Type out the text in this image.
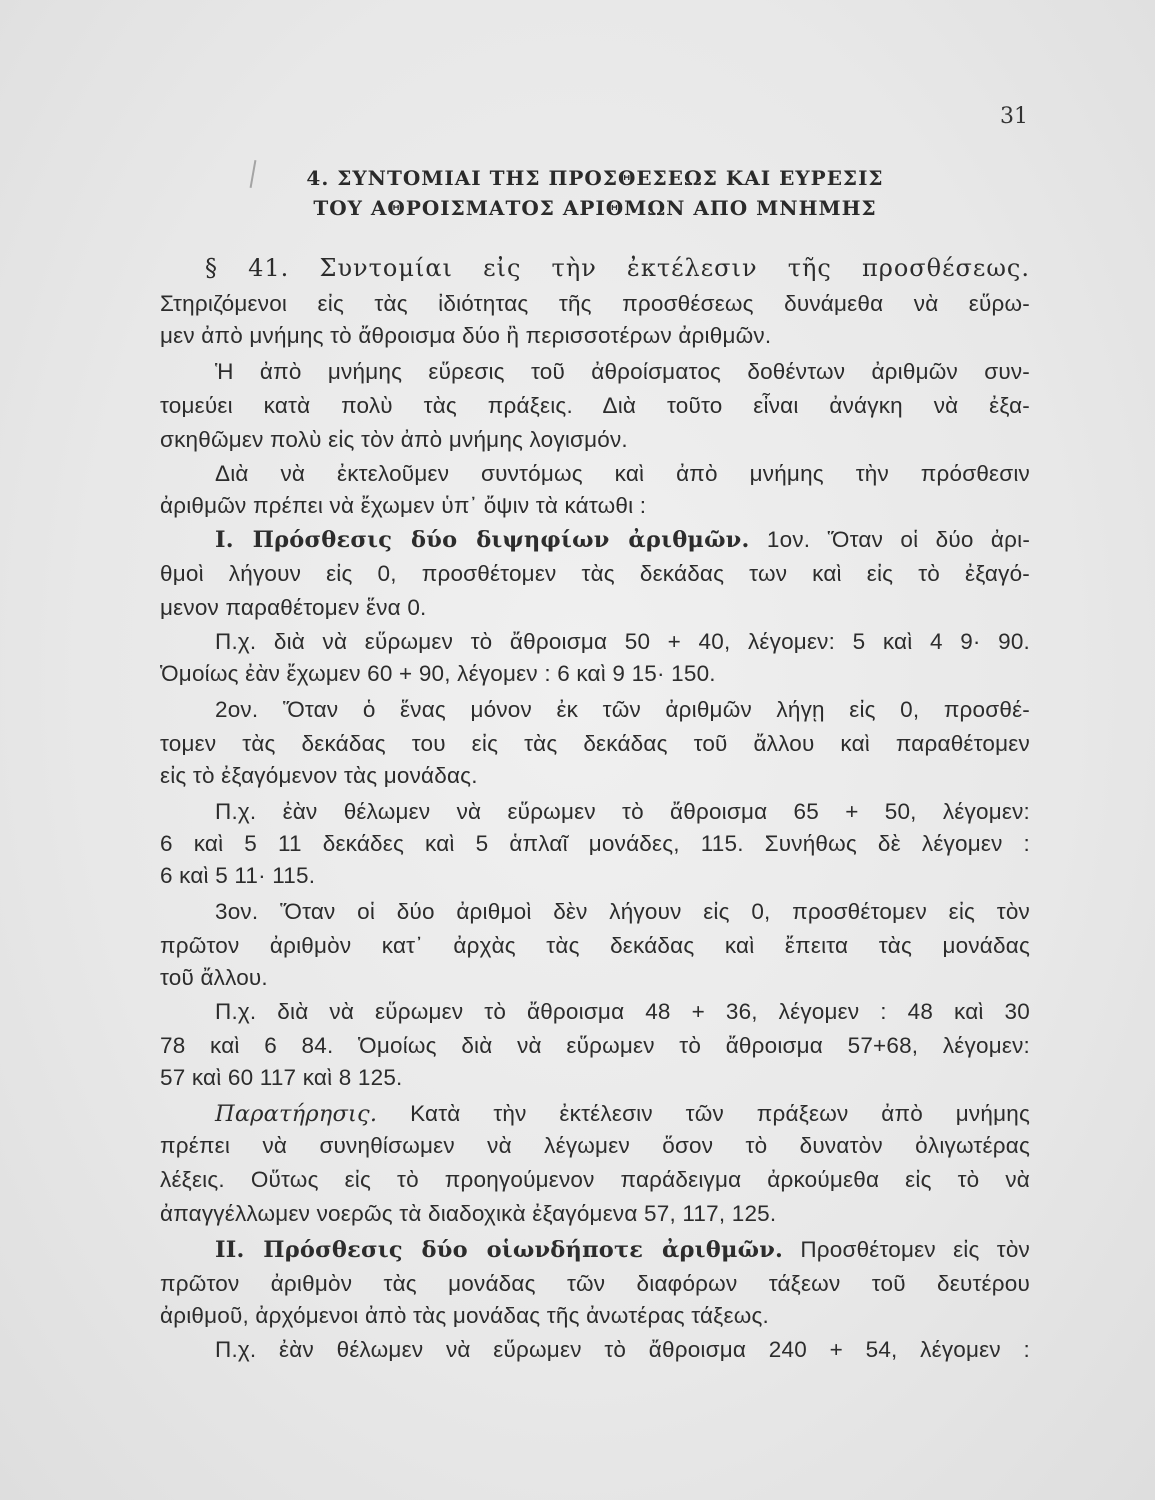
31
4. ΣΥΝΤΟΜΙΑΙ ΤΗΣ ΠΡΟΣΘΕΣΕΩΣ ΚΑΙ ΕΥΡΕΣΙΣ
ΤΟΥ ΑΘΡΟΙΣΜΑΤΟΣ ΑΡΙΘΜΩΝ ΑΠΟ ΜΝΗΜΗΣ
§ 41. Συντομίαι εἰς τὴν ἐκτέλεσιν τῆς προσθέσεως.
Στηριζόμενοι εἰς τὰς ἰδιότητας τῆς προσθέσεως δυνάμεθα νὰ εὕρω-
μεν ἀπὸ μνήμης τὸ ἄθροισμα δύο ἢ περισσοτέρων ἀριθμῶν.
Ἡ ἀπὸ μνήμης εὕρεσις τοῦ ἀθροίσματος δοθέντων ἀριθμῶν συν-
τομεύει κατὰ πολὺ τὰς πράξεις. Διὰ τοῦτο εἶναι ἀνάγκη νὰ ἐξα-
σκηθῶμεν πολὺ εἰς τὸν ἀπὸ μνήμης λογισμόν.
Διὰ νὰ ἐκτελοῦμεν συντόμως καὶ ἀπὸ μνήμης τὴν πρόσθεσιν
ἀριθμῶν πρέπει νὰ ἔχωμεν ὑπ᾽ ὄψιν τὰ κάτωθι :
I. Πρόσθεσις δύο διψηφίων ἀριθμῶν. 1ον. Ὅταν οἱ δύο ἀρι-
θμοὶ λήγουν εἰς 0, προσθέτομεν τὰς δεκάδας των καὶ εἰς τὸ ἐξαγό-
μενον παραθέτομεν ἕνα 0.
Π.χ. διὰ νὰ εὕρωμεν τὸ ἄθροισμα 50 + 40, λέγομεν: 5 καὶ 4 9· 90.
Ὁμοίως ἐὰν ἔχωμεν 60 + 90, λέγομεν : 6 καὶ 9 15· 150.
2ον. Ὅταν ὁ ἕνας μόνον ἐκ τῶν ἀριθμῶν λήγῃ εἰς 0, προσθέ-
τομεν τὰς δεκάδας του εἰς τὰς δεκάδας τοῦ ἄλλου καὶ παραθέτομεν
εἰς τὸ ἐξαγόμενον τὰς μονάδας.
Π.χ. ἐὰν θέλωμεν νὰ εὕρωμεν τὸ ἄθροισμα 65 + 50, λέγομεν:
6 καὶ 5 11 δεκάδες καὶ 5 ἁπλαῖ μονάδες, 115. Συνήθως δὲ λέγομεν :
6 καὶ 5 11· 115.
3ον. Ὅταν οἱ δύο ἀριθμοὶ δὲν λήγουν εἰς 0, προσθέτομεν εἰς τὸν
πρῶτον ἀριθμὸν κατ᾽ ἀρχὰς τὰς δεκάδας καὶ ἔπειτα τὰς μονάδας
τοῦ ἄλλου.
Π.χ. διὰ νὰ εὕρωμεν τὸ ἄθροισμα 48 + 36, λέγομεν : 48 καὶ 30
78 καὶ 6 84. Ὁμοίως διὰ νὰ εὕρωμεν τὸ ἄθροισμα 57+68, λέγομεν:
57 καὶ 60 117 καὶ 8 125.
Παρατήρησις. Κατὰ τὴν ἐκτέλεσιν τῶν πράξεων ἀπὸ μνήμης
πρέπει νὰ συνηθίσωμεν νὰ λέγωμεν ὅσον τὸ δυνατὸν ὀλιγωτέρας
λέξεις. Οὕτως εἰς τὸ προηγούμενον παράδειγμα ἀρκούμεθα εἰς τὸ νὰ
ἀπαγγέλλωμεν νοερῶς τὰ διαδοχικὰ ἐξαγόμενα 57, 117, 125.
II. Πρόσθεσις δύο οἱωνδήποτε ἀριθμῶν. Προσθέτομεν εἰς τὸν
πρῶτον ἀριθμὸν τὰς μονάδας τῶν διαφόρων τάξεων τοῦ δευτέρου
ἀριθμοῦ, ἀρχόμενοι ἀπὸ τὰς μονάδας τῆς ἀνωτέρας τάξεως.
Π.χ. ἐὰν θέλωμεν νὰ εὕρωμεν τὸ ἄθροισμα 240 + 54, λέγομεν :
